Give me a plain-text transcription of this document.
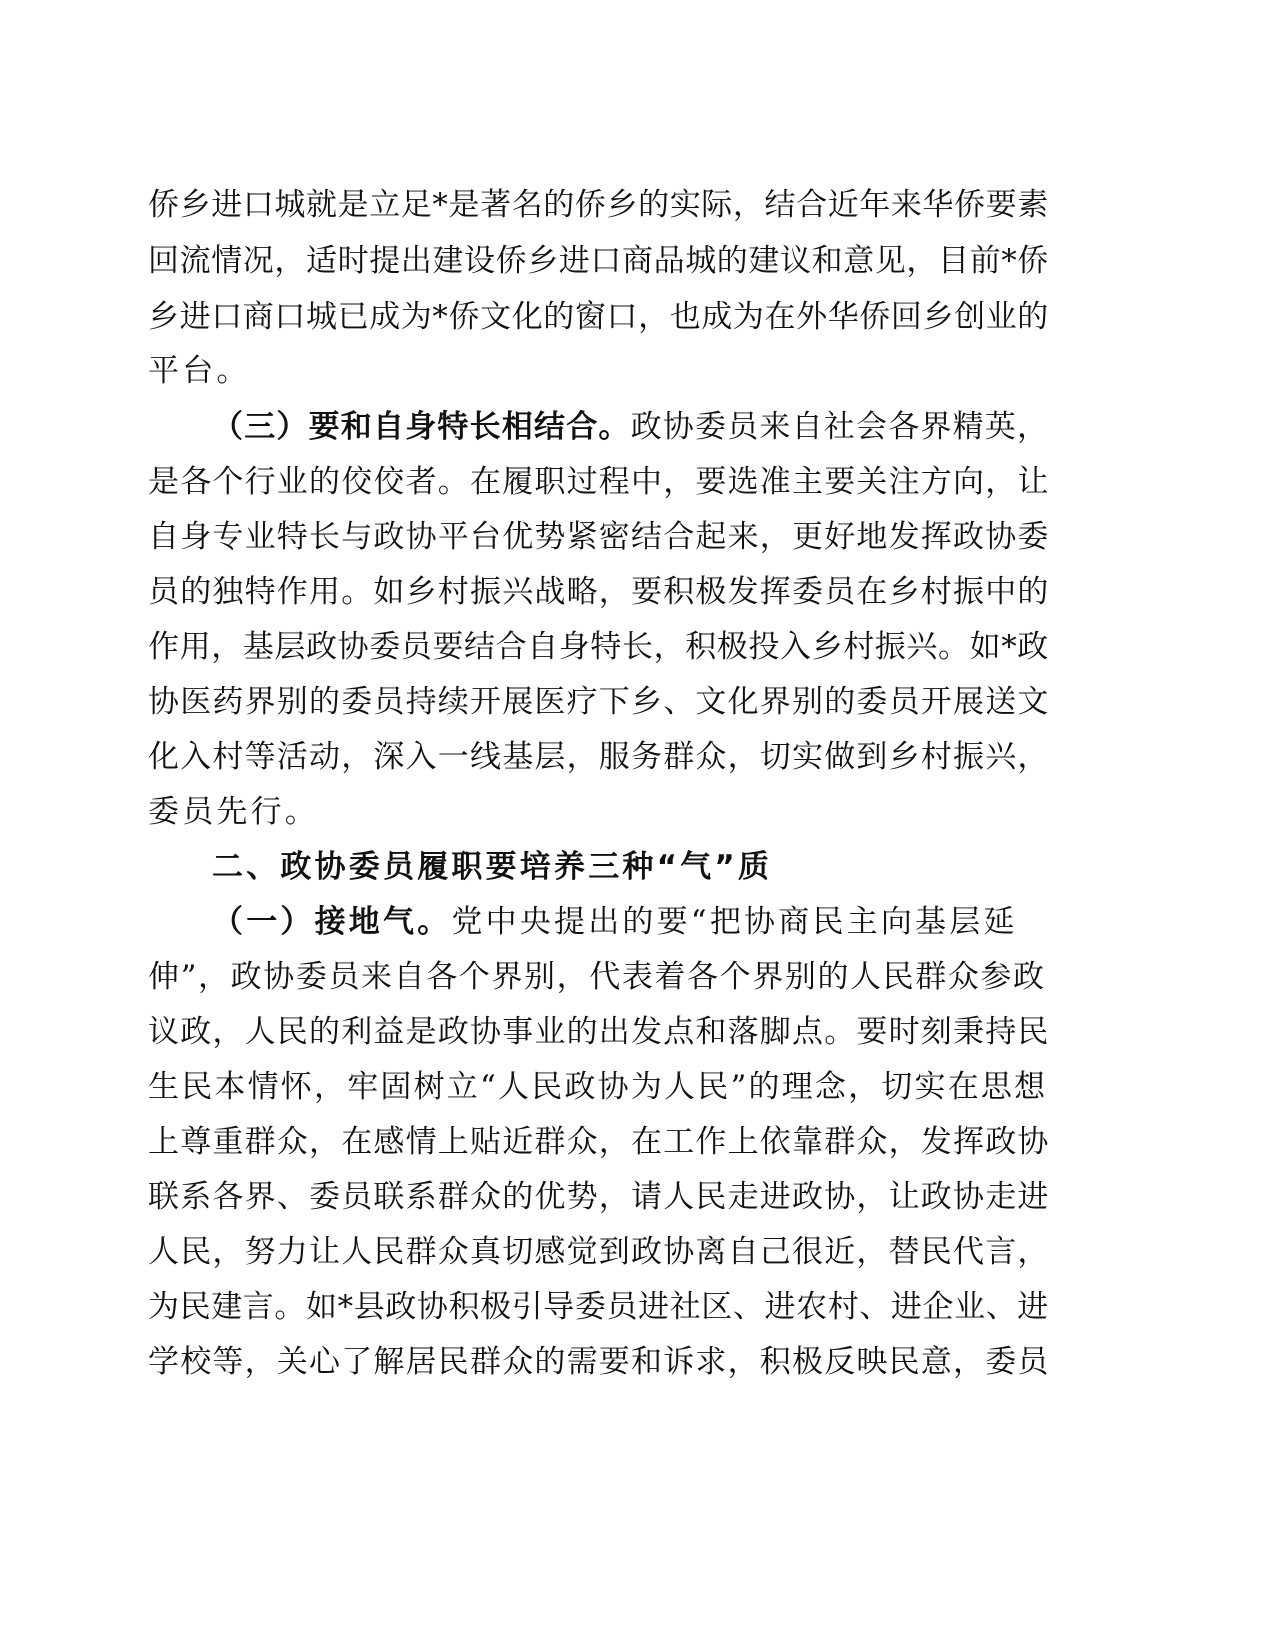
侨乡进口城就是立足*是著名的侨乡的实际，结合近年来华侨要素
回流情况，适时提出建设侨乡进口商品城的建议和意见，目前*侨
乡进口商口城已成为*侨文化的窗口，也成为在外华侨回乡创业的
平台。
（三）要和自身特长相结合。政协委员来自社会各界精英，
是各个行业的佼佼者。在履职过程中，要选准主要关注方向，让
自身专业特长与政协平台优势紧密结合起来，更好地发挥政协委
员的独特作用。如乡村振兴战略，要积极发挥委员在乡村振中的
作用，基层政协委员要结合自身特长，积极投入乡村振兴。如*政
协医药界别的委员持续开展医疗下乡、文化界别的委员开展送文
化入村等活动，深入一线基层，服务群众，切实做到乡村振兴，
委员先行。
二、政协委员履职要培养三种“气”质
（一）接地气。党中央提出的要“把协商民主向基层延
伸”，政协委员来自各个界别，代表着各个界别的人民群众参政
议政，人民的利益是政协事业的出发点和落脚点。要时刻秉持民
生民本情怀，牢固树立“人民政协为人民”的理念，切实在思想
上尊重群众，在感情上贴近群众，在工作上依靠群众，发挥政协
联系各界、委员联系群众的优势，请人民走进政协，让政协走进
人民，努力让人民群众真切感觉到政协离自己很近，替民代言，
为民建言。如*县政协积极引导委员进社区、进农村、进企业、进
学校等，关心了解居民群众的需要和诉求，积极反映民意，委员
